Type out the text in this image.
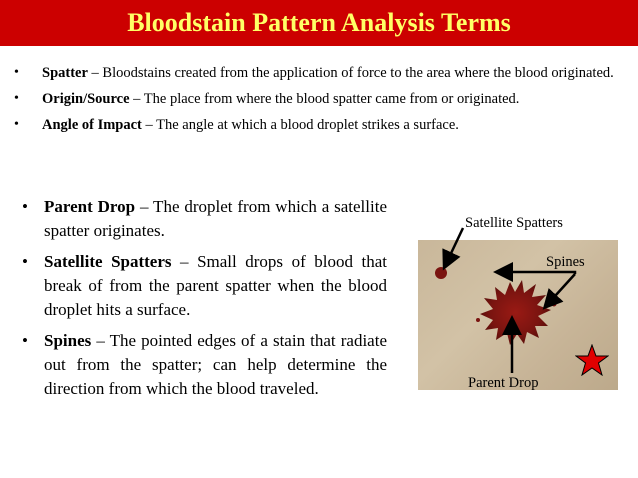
Bloodstain Pattern Analysis Terms
• Spatter – Bloodstains created from the application of force to the area where the blood originated.
• Origin/Source – The place from where the blood spatter came from or originated.
• Angle of Impact – The angle at which a blood droplet strikes a surface.
• Parent Drop – The droplet from which a satellite spatter originates.
• Satellite Spatters – Small drops of blood that break of from the parent spatter when the blood droplet hits a surface.
• Spines – The pointed edges of a stain that radiate out from the spatter; can help determine the direction from which the blood traveled.
Satellite Spatters
Spines
Parent Drop
